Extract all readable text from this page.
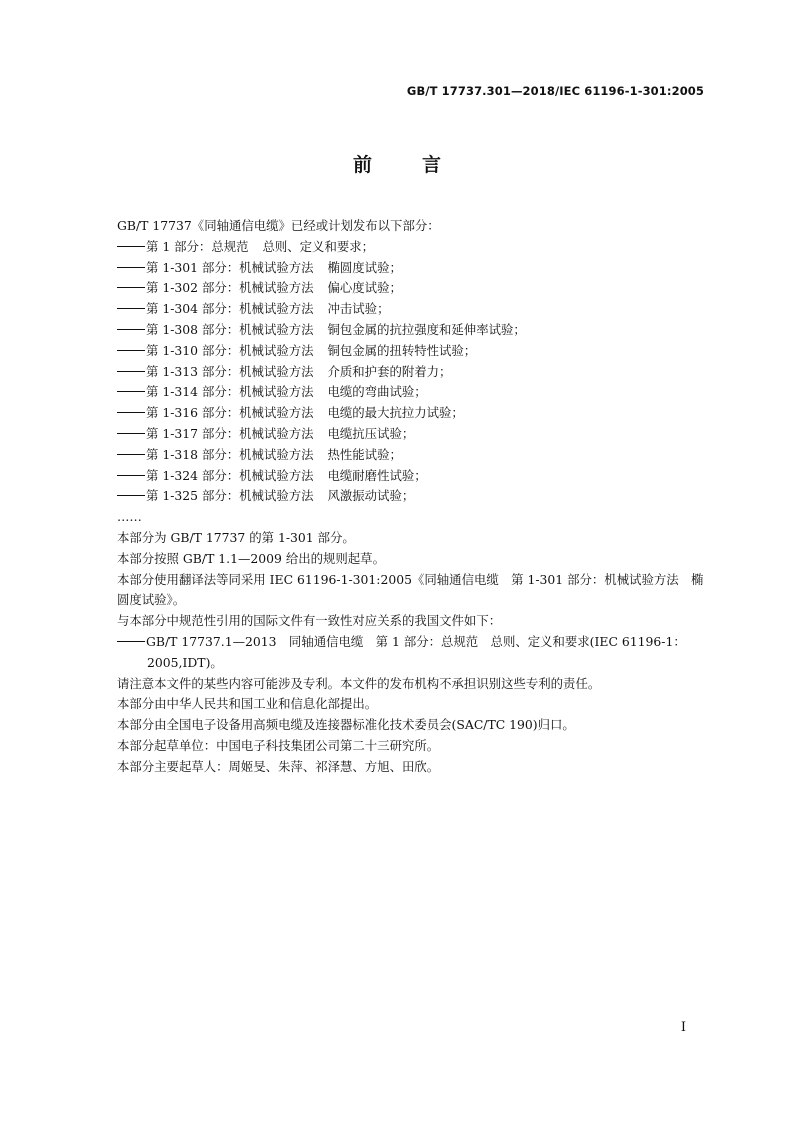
GB/T 17737.301—2018/IEC 61196-1-301:2005
前	言
GB/T 17737《同轴通信电缆》已经或计划发布以下部分：
第 1 部分：总规范 总则、定义和要求；
第 1-301 部分：机械试验方法 椭圆度试验；
第 1-302 部分：机械试验方法 偏心度试验；
第 1-304 部分：机械试验方法 冲击试验；
第 1-308 部分：机械试验方法 铜包金属的抗拉强度和延伸率试验；
第 1-310 部分：机械试验方法 铜包金属的扭转特性试验；
第 1-313 部分：机械试验方法 介质和护套的附着力；
第 1-314 部分：机械试验方法 电缆的弯曲试验；
第 1-316 部分：机械试验方法 电缆的最大抗拉力试验；
第 1-317 部分：机械试验方法 电缆抗压试验；
第 1-318 部分：机械试验方法 热性能试验；
第 1-324 部分：机械试验方法 电缆耐磨性试验；
第 1-325 部分：机械试验方法 风激振动试验；
……
本部分为 GB/T 17737 的第 1-301 部分。
本部分按照 GB/T 1.1—2009 给出的规则起草。
本部分使用翻译法等同采用 IEC 61196-1-301:2005《同轴通信电缆　第 1-301 部分：机械试验方法　椭圆度试验》。
与本部分中规范性引用的国际文件有一致性对应关系的我国文件如下：
GB/T 17737.1—2013　同轴通信电缆　第 1 部分：总规范　总则、定义和要求(IEC 61196-1：
2005,IDT)。
请注意本文件的某些内容可能涉及专利。本文件的发布机构不承担识别这些专利的责任。
本部分由中华人民共和国工业和信息化部提出。
本部分由全国电子设备用高频电缆及连接器标准化技术委员会(SAC/TC 190)归口。
本部分起草单位：中国电子科技集团公司第二十三研究所。
本部分主要起草人：周姬旻、朱萍、祁泽慧、方旭、田欣。
I
